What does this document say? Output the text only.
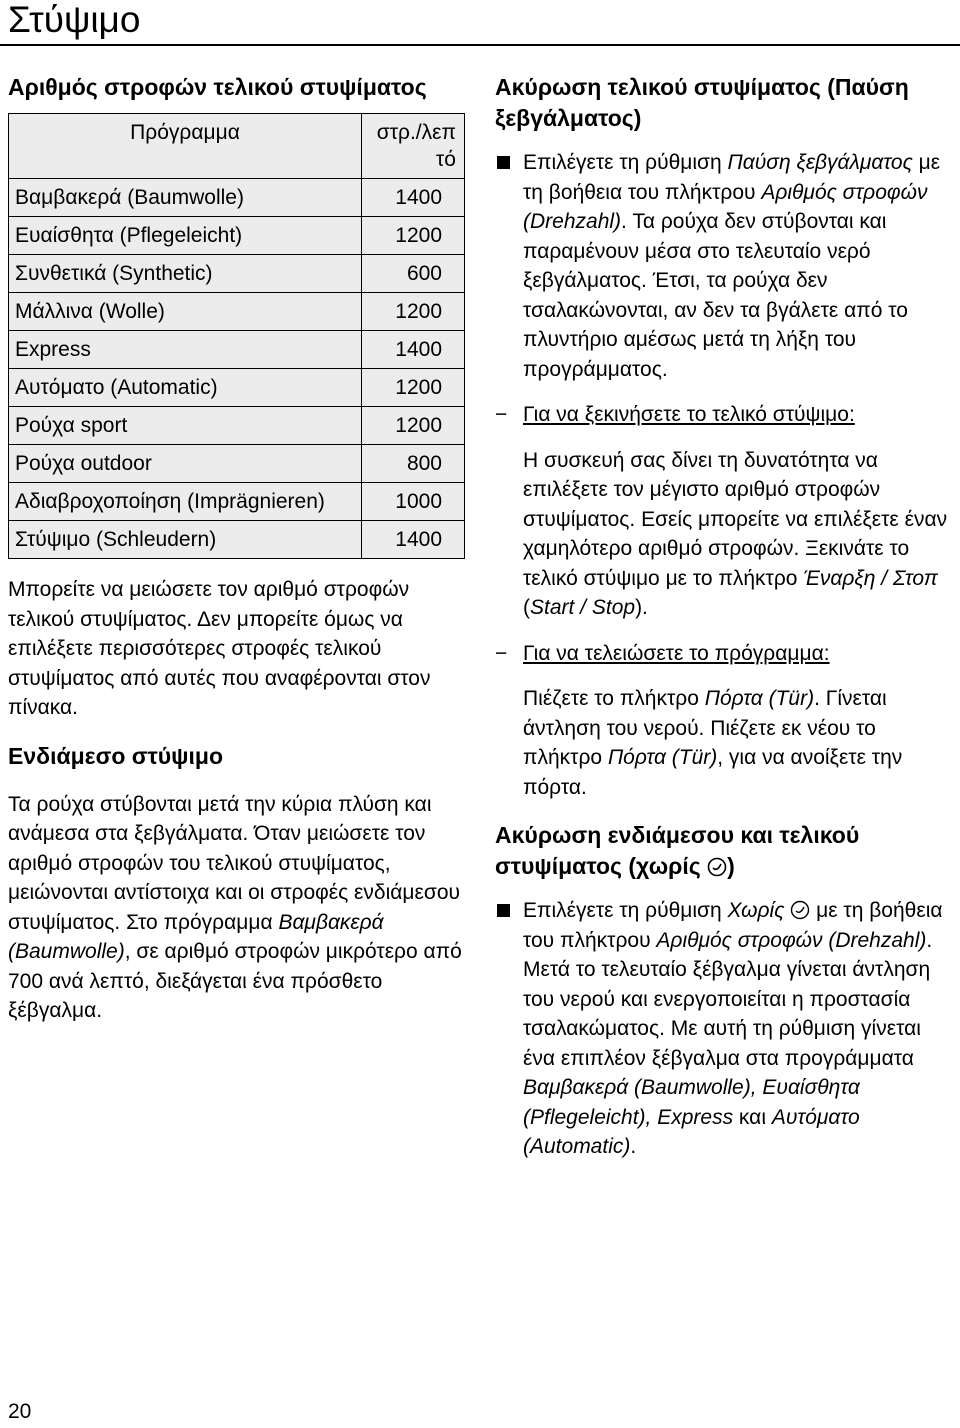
Στύψιμο
Αριθμός στροφών τελικού στυψίματος
Πρόγραμμα	στρ./λεπ τό
Βαμβακερά (Baumwolle)	1400
Ευαίσθητα (Pflegeleicht)	1200
Συνθετικά (Synthetic)	600
Μάλλινα (Wolle)	1200
Express	1400
Αυτόματο (Automatic)	1200
Ρούχα sport	1200
Ρούχα outdoor	800
Αδιαβροχοποίηση (Imprägnieren)	1000
Στύψιμο (Schleudern)	1400

Μπορείτε να μειώσετε τον αριθμό στροφών τελικού στυψίματος. Δεν μπορείτε όμως να επιλέξετε περισσότερες στροφές τελικού στυψίματος από αυτές που αναφέρονται στον πίνακα.

Ενδιάμεσο στύψιμο

Τα ρούχα στύβονται μετά την κύρια πλύση και ανάμεσα στα ξεβγάλματα. Όταν μειώσετε τον αριθμό στροφών του τελικού στυψίματος, μειώνονται αντίστοιχα και οι στροφές ενδιάμεσου στυψίματος. Στο πρόγραμμα Βαμβακερά (Baumwolle), σε αριθμό στροφών μικρότερο από 700 ανά λεπτό, διεξάγεται ένα πρόσθετο ξέβγαλμα.

Ακύρωση τελικού στυψίματος (Παύση ξεβγάλματος)

Επιλέγετε τη ρύθμιση Παύση ξεβγάλματος με τη βοήθεια του πλήκτρου Αριθμός στροφών (Drehzahl). Τα ρούχα δεν στύβονται και παραμένουν μέσα στο τελευταίο νερό ξεβγάλματος. Έτσι, τα ρούχα δεν τσαλακώνονται, αν δεν τα βγάλετε από το πλυντήριο αμέσως μετά τη λήξη του προγράμματος.

− Για να ξεκινήσετε το τελικό στύψιμο:

Η συσκευή σας δίνει τη δυνατότητα να επιλέξετε τον μέγιστο αριθμό στροφών στυψίματος. Εσείς μπορείτε να επιλέξετε έναν χαμηλότερο αριθμό στροφών. Ξεκινάτε το τελικό στύψιμο με το πλήκτρο Έναρξη / Στοπ (Start / Stop).

− Για να τελειώσετε το πρόγραμμα:

Πιέζετε το πλήκτρο Πόρτα (Tür). Γίνεται άντληση του νερού. Πιέζετε εκ νέου το πλήκτρο Πόρτα (Tür), για να ανοίξετε την πόρτα.

Ακύρωση ενδιάμεσου και τελικού στυψίματος (χωρίς )

Επιλέγετε τη ρύθμιση Χωρίς  με τη βοήθεια του πλήκτρου Αριθμός στροφών (Drehzahl). Μετά το τελευταίο ξέβγαλμα γίνεται άντληση του νερού και ενεργοποιείται η προστασία τσαλακώματος. Με αυτή τη ρύθμιση γίνεται ένα επιπλέον ξέβγαλμα στα προγράμματα Βαμβακερά (Baumwolle), Ευαίσθητα (Pflegeleicht), Express και Αυτόματο (Automatic).

20
